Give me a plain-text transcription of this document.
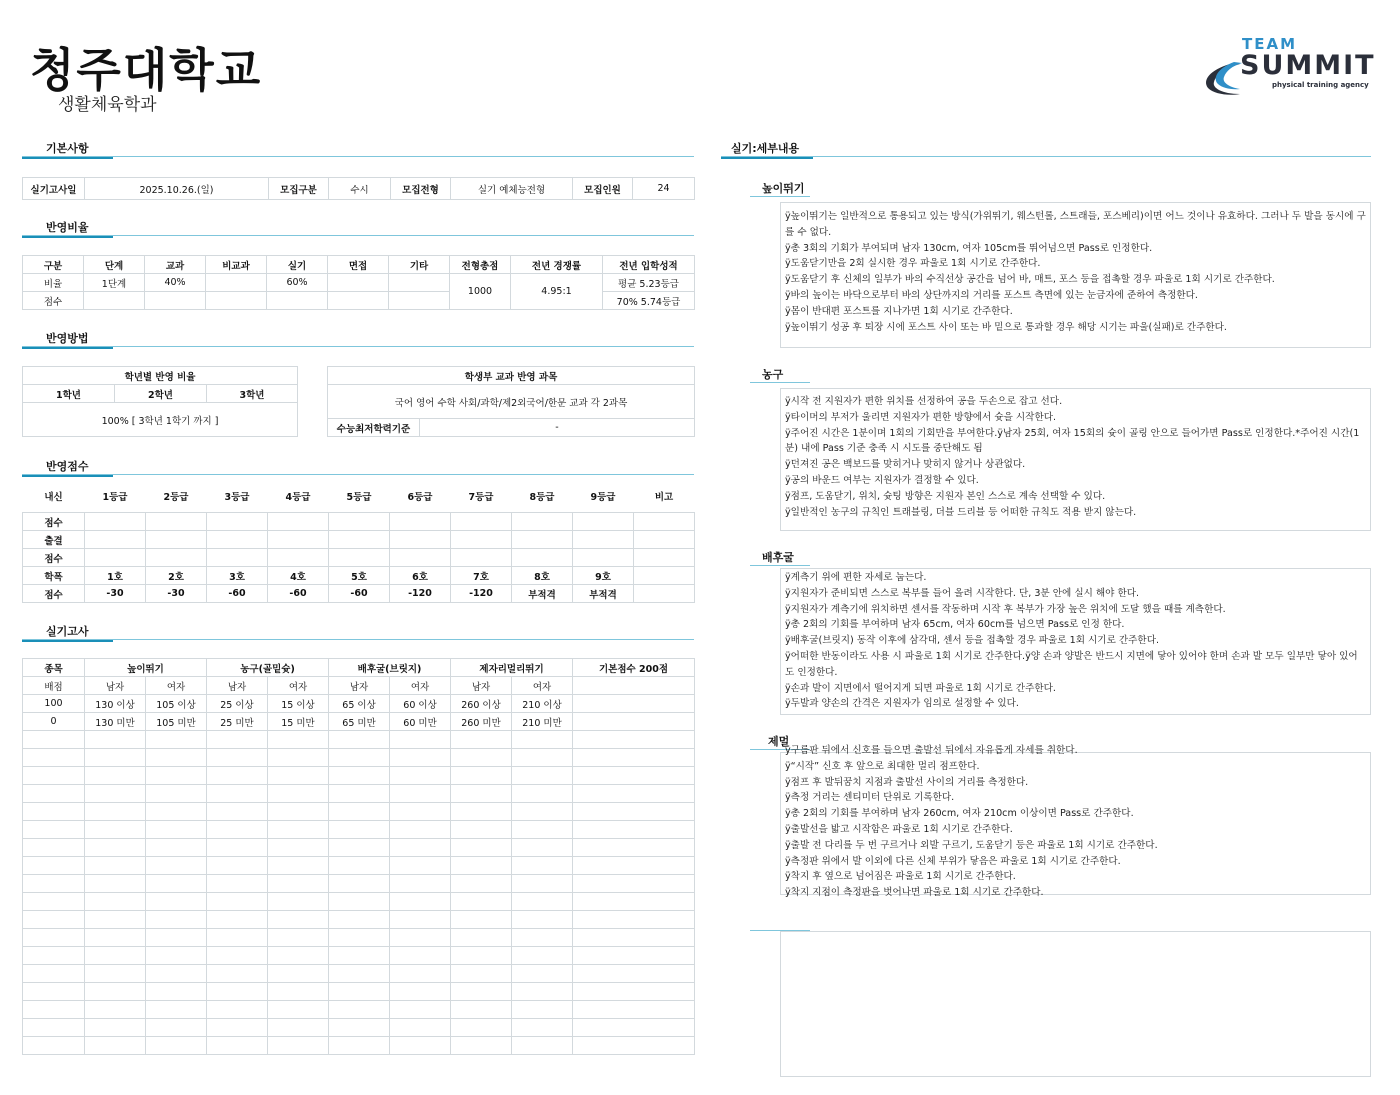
청주대학교
생활체육학과
TEAM
SUMMIT
physical training agency
기본사항
실기고사일	2025.10.26.(일)	모집구분	수시	모집전형	실기 예체능전형	모집인원	24
반영비율
구분	단계	교과	비교과	실기	면접	기타	전형총점	전년 경쟁률	전년 입학성적
비율	1단계	40%		60%			1000	4.95:1	평균 5.23등급
점수									70% 5.74등급
반영방법
학년별 반영 비율
1학년	2학년	3학년
100% [ 3학년 1학기 까지 ]
학생부 교과 반영 과목
국어 영어 수학 사회/과학/제2외국어/한문 교과 각 2과목
수능최저학력기준	-
반영점수
내신	1등급	2등급	3등급	4등급	5등급	6등급	7등급	8등급	9등급	비고

점수										
출결										
점수										
학폭	1호	2호	3호	4호	5호	6호	7호	8호	9호	
점수	-30	-30	-60	-60	-60	-120	-120	부적격	부적격	
실기고사
종목	높이뛰기		농구(골밑슛)		배후굴(브릿지)		제자리멀리뛰기		기본점수 200점
배점	남자	여자	남자	여자	남자	여자	남자	여자	
100	130 이상	105 이상	25 이상	15 이상	65 이상	60 이상	260 이상	210 이상	
0	130 미만	105 미만	25 미만	15 미만	65 미만	60 미만	260 미만	210 미만	

실기:세부내용
높이뛰기
ÿ높이뛰기는 일반적으로 통용되고 있는 방식(가위뛰기, 웨스턴롤, 스트래들, 포스베리)이면 어느 것이나 유효하다. 그러나 두 발을 동시에 구를 수 없다.
ÿ총 3회의 기회가 부여되며 남자 130cm, 여자 105cm를 뛰어넘으면 Pass로 인정한다.
ÿ도움닫기만을 2회 실시한 경우 파울로 1회 시기로 간주한다.
ÿ도움닫기 후 신체의 일부가 바의 수직선상 공간을 넘어 바, 매트, 포스 등을 접촉할 경우 파울로 1회 시기로 간주한다.
ÿ바의 높이는 바닥으로부터 바의 상단까지의 거리를 포스트 측면에 있는 눈금자에 준하여 측정한다.
ÿ몸이 반대편 포스트를 지나가면 1회 시기로 간주한다.
ÿ높이뛰기 성공 후 퇴장 시에 포스트 사이 또는 바 밑으로 통과할 경우 해당 시기는 파울(실패)로 간주한다.
농구
ÿ시작 전 지원자가 편한 위치를 선정하여 공을 두손으로 잡고 선다.
ÿ타이머의 부저가 울리면 지원자가 편한 방향에서 슛을 시작한다.
ÿ주어진 시간은 1분이며 1회의 기회만을 부여한다.ÿ남자 25회, 여자 15회의 슛이 골링 안으로 들어가면 Pass로 인정한다.*주어진 시간(1분) 내에 Pass 기준 충족 시 시도를 중단해도 됨
ÿ던져진 공은 백보드를 맞히거나 맞히지 않거나 상관없다.
ÿ공의 바운드 여부는 지원자가 결정할 수 있다.
ÿ점프, 도움닫기, 위치, 슛팅 방향은 지원자 본인 스스로 계속 선택할 수 있다.
ÿ일반적인 농구의 규칙인 트래블링, 더블 드리블 등 어떠한 규칙도 적용 받지 않는다.
배후굴
ÿ계측기 위에 편한 자세로 눕는다.
ÿ지원자가 준비되면 스스로 복부를 들어 올려 시작한다. 단, 3분 안에 실시 해야 한다.
ÿ지원자가 계측기에 위치하면 센서를 작동하며 시작 후 복부가 가장 높은 위치에 도달 했을 때를 계측한다.
ÿ총 2회의 기회를 부여하며 남자 65cm, 여자 60cm를 넘으면 Pass로 인정 한다.
ÿ배후굴(브릿지) 동작 이후에 삼각대, 센서 등을 접촉할 경우 파울로 1회 시기로 간주한다.
ÿ어떠한 반동이라도 사용 시 파울로 1회 시기로 간주한다.ÿ양 손과 양발은 반드시 지면에 닿아 있어야 한며 손과 발 모두 일부만 닿아 있어도 인정한다.
ÿ손과 발이 지면에서 떨어지게 되면 파울로 1회 시기로 간주한다.
ÿ두발과 양손의 간격은 지원자가 임의로 설정할 수 있다.
제멀
ÿ구름판 뒤에서 신호를 들으면 출발선 뒤에서 자유롭게 자세를 취한다.
ÿ“시작” 신호 후 앞으로 최대한 멀리 점프한다.
ÿ점프 후 발뒤꿈치 지점과 출발선 사이의 거리를 측정한다.
ÿ측정 거리는 센티미터 단위로 기록한다.
ÿ총 2회의 기회를 부여하며 남자 260cm, 여자 210cm 이상이면 Pass로 간주한다.
ÿ출발선을 밟고 시작함은 파울로 1회 시기로 간주한다.
ÿ출발 전 다리를 두 번 구르거나 외발 구르기, 도움닫기 등은 파울로 1회 시기로 간주한다.
ÿ측정판 위에서 발 이외에 다른 신체 부위가 닿음은 파울로 1회 시기로 간주한다.
ÿ착지 후 옆으로 넘어짐은 파울로 1회 시기로 간주한다.
ÿ착지 지점이 측정판을 벗어나면 파울로 1회 시기로 간주한다.
